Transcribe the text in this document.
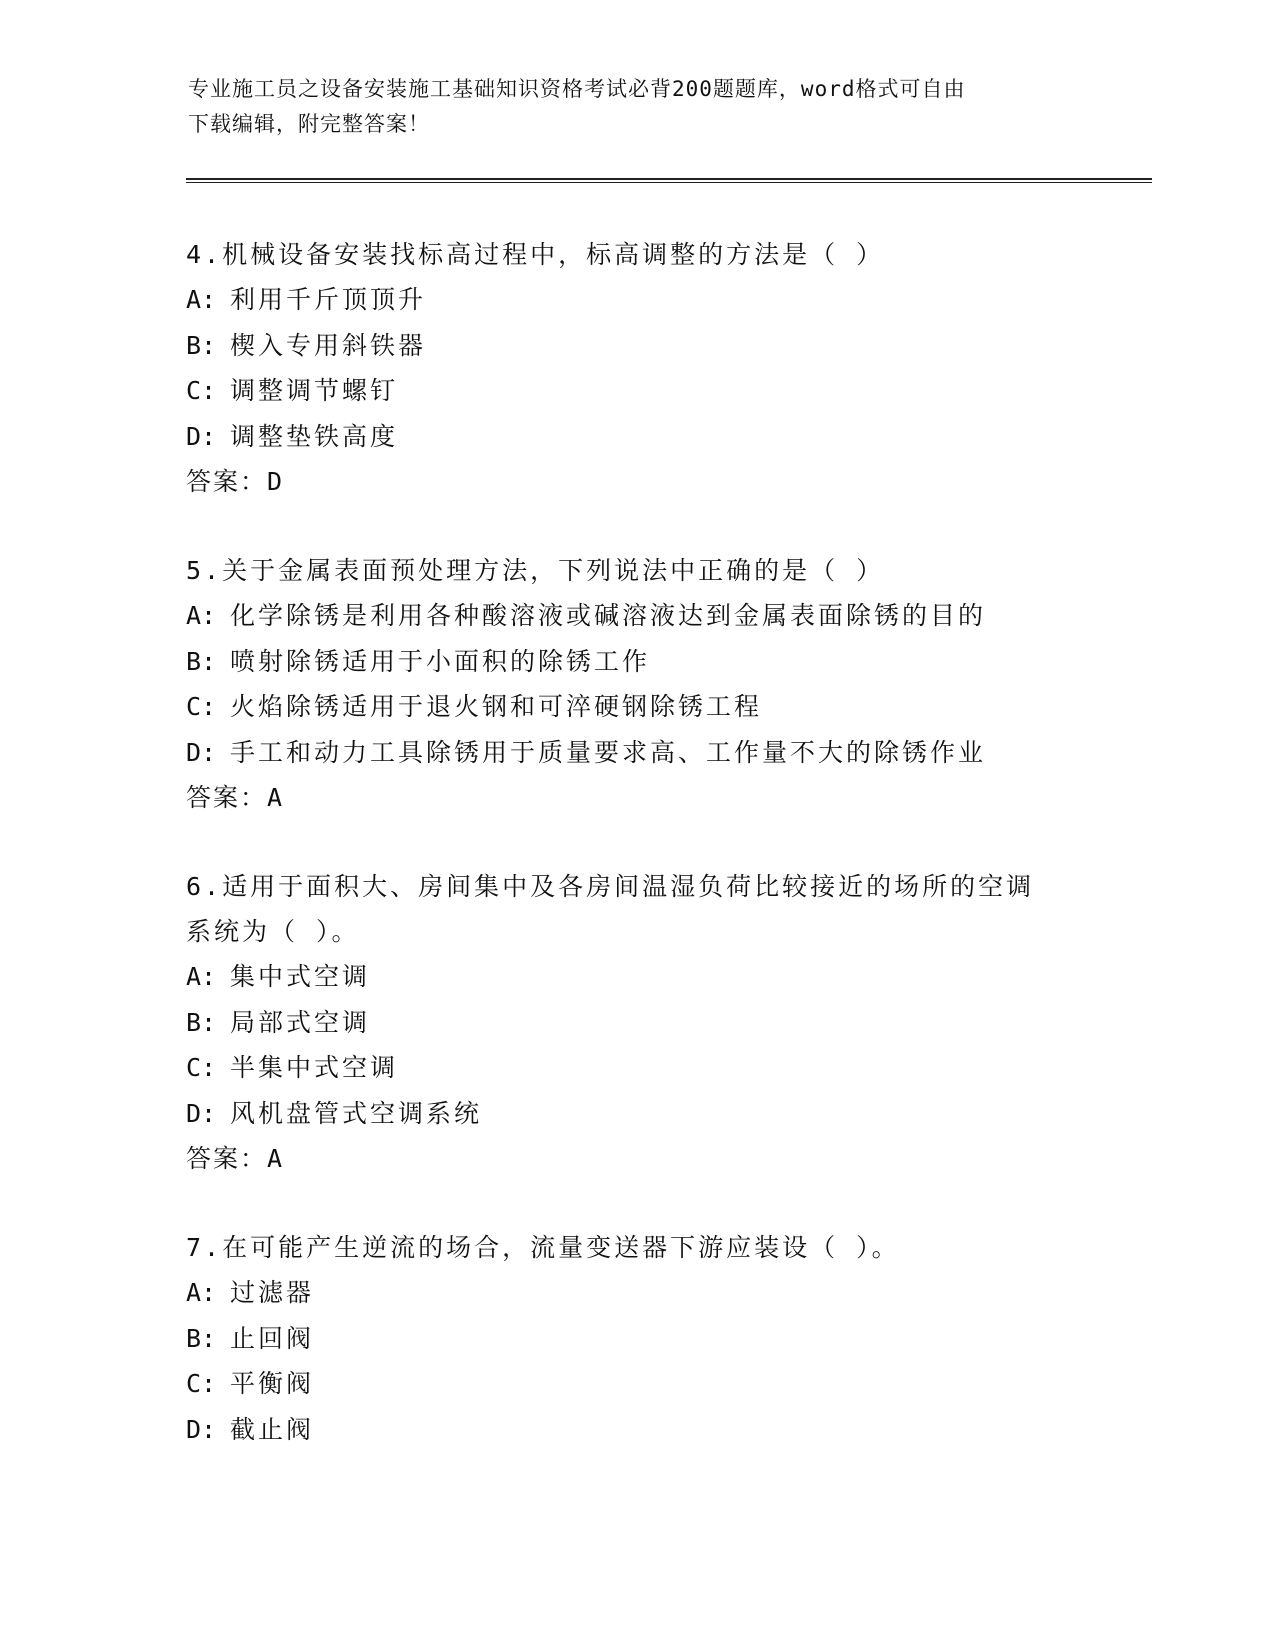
专业施工员之设备安装施工基础知识资格考试必背200题题库，word格式可自由
下载编辑，附完整答案！

4.机械设备安装找标高过程中，标高调整的方法是（ ）

A: 利用千斤顶顶升

B: 楔入专用斜铁器

C: 调整调节螺钉

D: 调整垫铁高度

答案：D

5.关于金属表面预处理方法，下列说法中正确的是（ ）

A: 化学除锈是利用各种酸溶液或碱溶液达到金属表面除锈的目的

B: 喷射除锈适用于小面积的除锈工作

C: 火焰除锈适用于退火钢和可淬硬钢除锈工程

D: 手工和动力工具除锈用于质量要求高、工作量不大的除锈作业

答案：A

6.适用于面积大、房间集中及各房间温湿负荷比较接近的场所的空调系统为（ ）。

A: 集中式空调

B: 局部式空调

C: 半集中式空调

D: 风机盘管式空调系统

答案：A

7.在可能产生逆流的场合，流量变送器下游应装设（ ）。

A: 过滤器

B: 止回阀

C: 平衡阀

D: 截止阀
